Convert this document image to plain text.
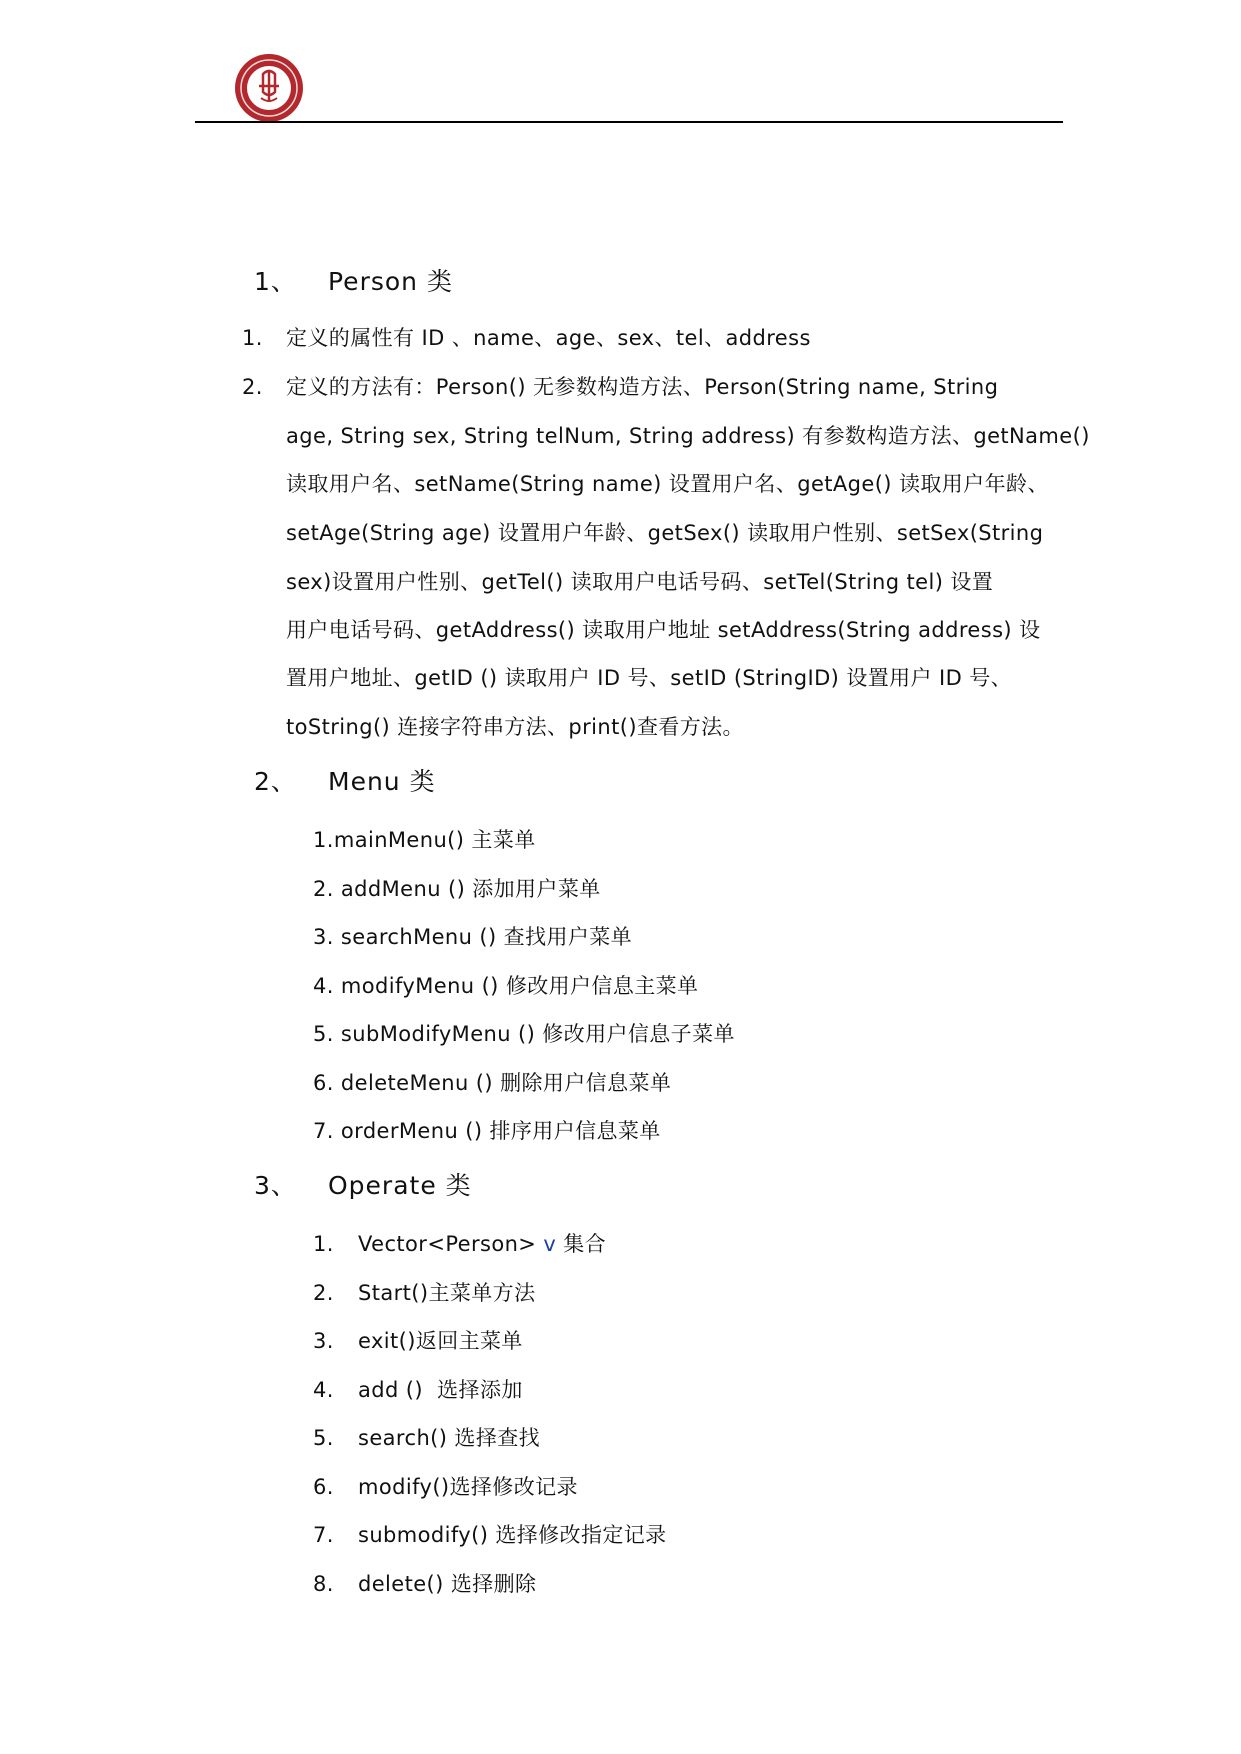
1、 Person 类
1. 定义的属性有 ID 、name、age、sex、tel、address
2. 定义的方法有：Person() 无参数构造方法、Person(String name, String
age, String sex, String telNum, String address) 有参数构造方法、getName()
读取用户名、setName(String name) 设置用户名、getAge() 读取用户年龄、
setAge(String age) 设置用户年龄、getSex() 读取用户性别、setSex(String
sex)设置用户性别、getTel() 读取用户电话号码、setTel(String tel) 设置
用户电话号码、getAddress() 读取用户地址 setAddress(String address) 设
置用户地址、getID () 读取用户 ID 号、setID (StringID) 设置用户 ID 号、
toString() 连接字符串方法、print()查看方法。
2、 Menu 类
1.mainMenu() 主菜单
2. addMenu () 添加用户菜单
3. searchMenu () 查找用户菜单
4. modifyMenu () 修改用户信息主菜单
5. subModifyMenu () 修改用户信息子菜单
6. deleteMenu () 删除用户信息菜单
7. orderMenu () 排序用户信息菜单
3、 Operate 类
1. Vector<Person> v 集合
2. Start()主菜单方法
3. exit()返回主菜单
4. add ()  选择添加
5. search() 选择查找
6. modify()选择修改记录
7. submodify() 选择修改指定记录
8. delete() 选择删除
